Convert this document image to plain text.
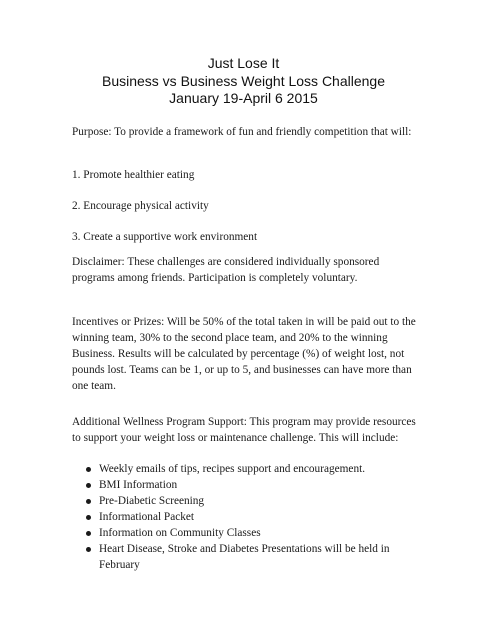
Just Lose It
Business vs Business Weight Loss Challenge
January 19-April 6 2015
Purpose: To provide a framework of fun and friendly competition that will:
1. Promote healthier eating
2. Encourage physical activity
3. Create a supportive work environment
Disclaimer: These challenges are considered individually sponsored programs among friends. Participation is completely voluntary.
Incentives or Prizes: Will be 50% of the total taken in will be paid out to the winning team, 30% to the second place team, and 20% to the winning Business. Results will be calculated by percentage (%) of weight lost, not pounds lost. Teams can be 1, or up to 5, and businesses can have more than one team.
Additional Wellness Program Support: This program may provide resources to support your weight loss or maintenance challenge. This will include:
Weekly emails of tips, recipes support and encouragement.
BMI Information
Pre-Diabetic Screening
Informational Packet
Information on Community Classes
Heart Disease, Stroke and Diabetes Presentations will be held in February
